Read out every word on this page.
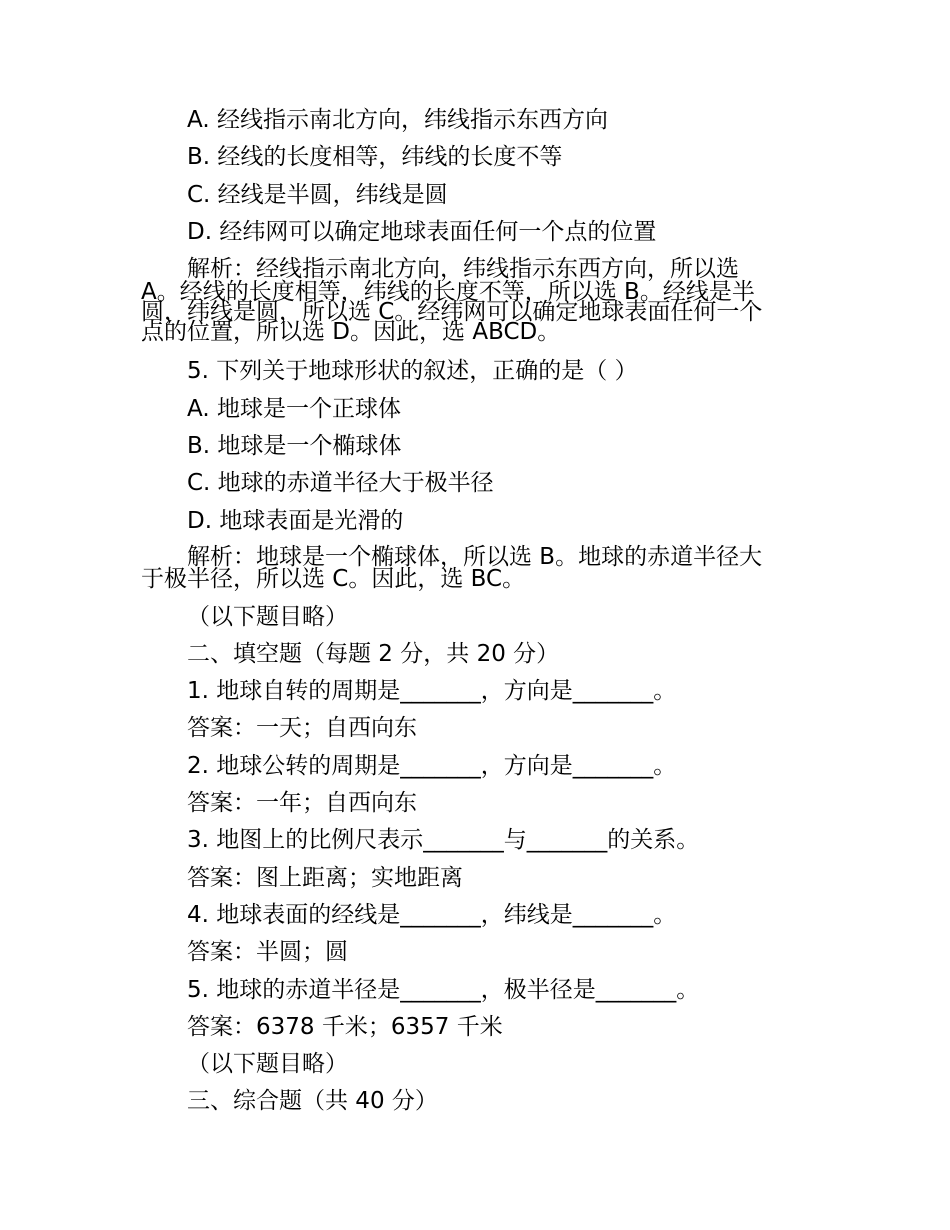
A. 经线指示南北方向，纬线指示东西方向
B. 经线的长度相等，纬线的长度不等
C. 经线是半圆，纬线是圆
D. 经纬网可以确定地球表面任何一个点的位置
解析：经线指示南北方向，纬线指示东西方向，所以选
A。经线的长度相等，纬线的长度不等，所以选 B。经线是半
圆，纬线是圆，所以选 C。经纬网可以确定地球表面任何一个
点的位置，所以选 D。因此，选 ABCD。
5. 下列关于地球形状的叙述，正确的是（ ）
A. 地球是一个正球体
B. 地球是一个椭球体
C. 地球的赤道半径大于极半径
D. 地球表面是光滑的
解析：地球是一个椭球体，所以选 B。地球的赤道半径大
于极半径，所以选 C。因此，选 BC。
（以下题目略）
二、填空题（每题 2 分，共 20 分）
1. 地球自转的周期是_______，方向是_______。
答案：一天；自西向东
2. 地球公转的周期是_______，方向是_______。
答案：一年；自西向东
3. 地图上的比例尺表示_______与_______的关系。
答案：图上距离；实地距离
4. 地球表面的经线是_______，纬线是_______。
答案：半圆；圆
5. 地球的赤道半径是_______，极半径是_______。
答案：6378 千米；6357 千米
（以下题目略）
三、综合题（共 40 分）
